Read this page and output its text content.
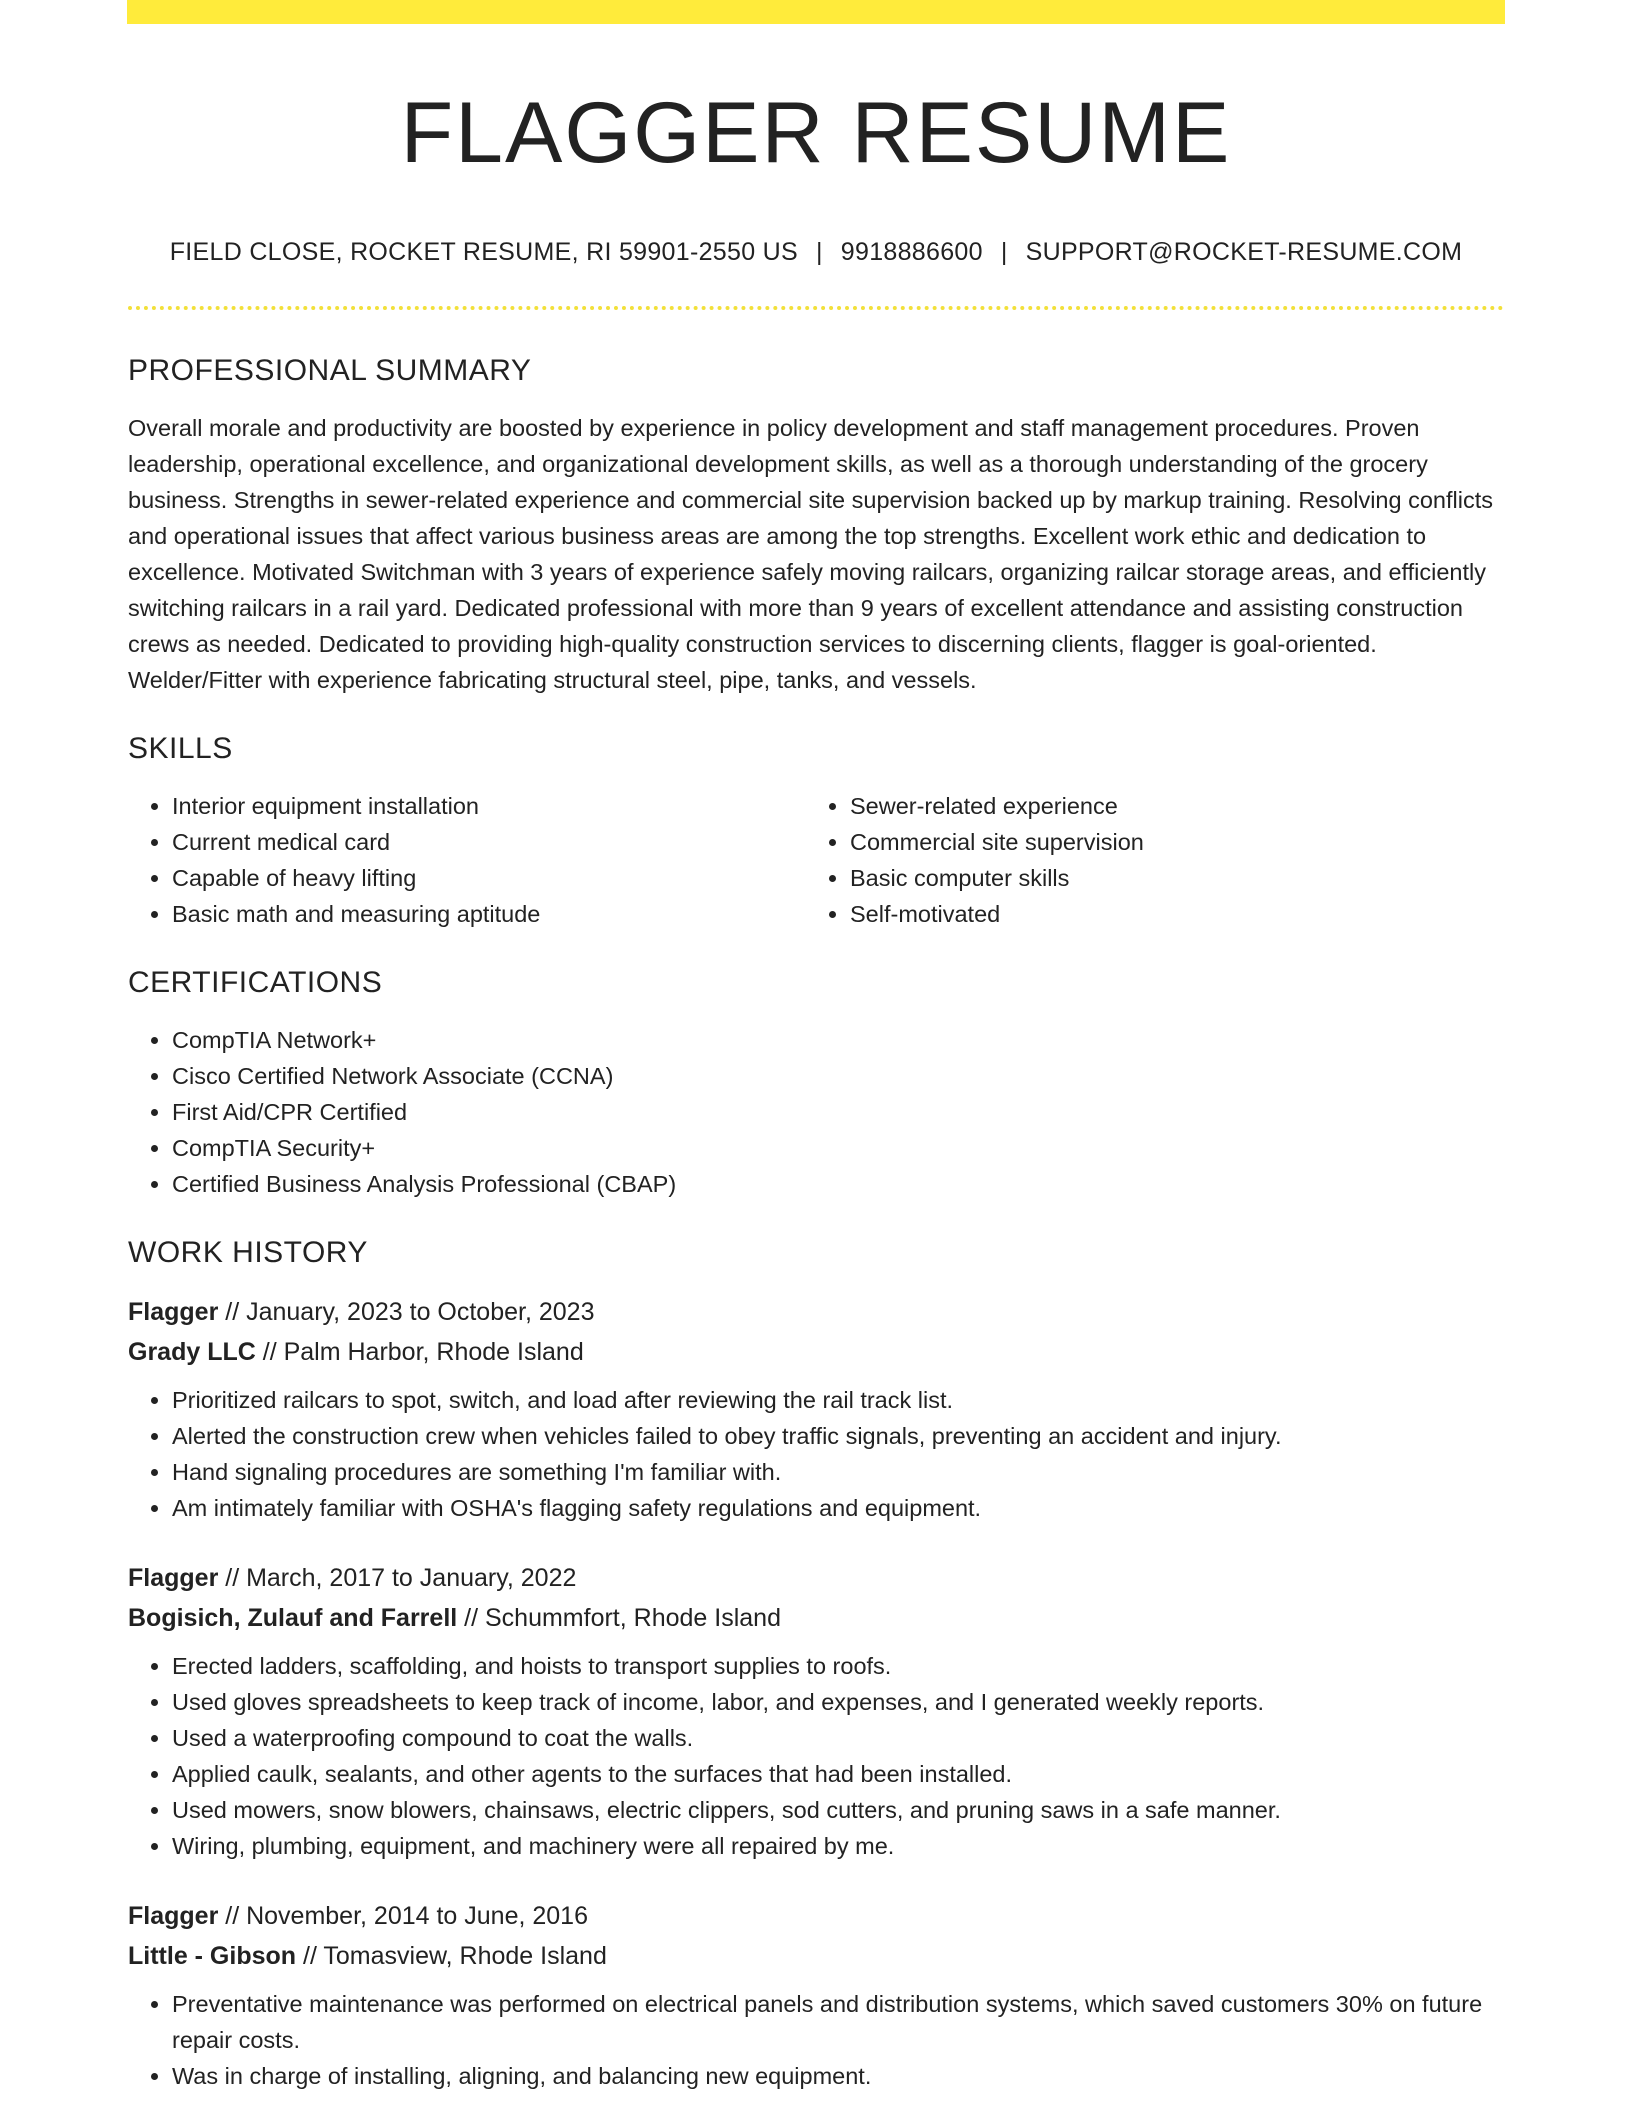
FLAGGER RESUME
FIELD CLOSE, ROCKET RESUME, RI 59901-2550 US | 9918886600 | SUPPORT@ROCKET-RESUME.COM
PROFESSIONAL SUMMARY

Overall morale and productivity are boosted by experience in policy development and staff management procedures. Proven leadership, operational excellence, and organizational development skills, as well as a thorough understanding of the grocery business. Strengths in sewer-related experience and commercial site supervision backed up by markup training. Resolving conflicts and operational issues that affect various business areas are among the top strengths. Excellent work ethic and dedication to excellence. Motivated Switchman with 3 years of experience safely moving railcars, organizing railcar storage areas, and efficiently switching railcars in a rail yard. Dedicated professional with more than 9 years of excellent attendance and assisting construction crews as needed. Dedicated to providing high-quality construction services to discerning clients, flagger is goal-oriented. Welder/Fitter with experience fabricating structural steel, pipe, tanks, and vessels.

SKILLS
• Interior equipment installation
• Current medical card
• Capable of heavy lifting
• Basic math and measuring aptitude
• Sewer-related experience
• Commercial site supervision
• Basic computer skills
• Self-motivated
CERTIFICATIONS
• CompTIA Network+
• Cisco Certified Network Associate (CCNA)
• First Aid/CPR Certified
• CompTIA Security+
• Certified Business Analysis Professional (CBAP)
WORK HISTORY
Flagger // January, 2023 to October, 2023
Grady LLC // Palm Harbor, Rhode Island
• Prioritized railcars to spot, switch, and load after reviewing the rail track list.
• Alerted the construction crew when vehicles failed to obey traffic signals, preventing an accident and injury.
• Hand signaling procedures are something I'm familiar with.
• Am intimately familiar with OSHA's flagging safety regulations and equipment.
Flagger // March, 2017 to January, 2022
Bogisich, Zulauf and Farrell // Schummfort, Rhode Island
• Erected ladders, scaffolding, and hoists to transport supplies to roofs.
• Used gloves spreadsheets to keep track of income, labor, and expenses, and I generated weekly reports.
• Used a waterproofing compound to coat the walls.
• Applied caulk, sealants, and other agents to the surfaces that had been installed.
• Used mowers, snow blowers, chainsaws, electric clippers, sod cutters, and pruning saws in a safe manner.
• Wiring, plumbing, equipment, and machinery were all repaired by me.
Flagger // November, 2014 to June, 2016
Little - Gibson // Tomasview, Rhode Island
• Preventative maintenance was performed on electrical panels and distribution systems, which saved customers 30% on future repair costs.
• Was in charge of installing, aligning, and balancing new equipment.
